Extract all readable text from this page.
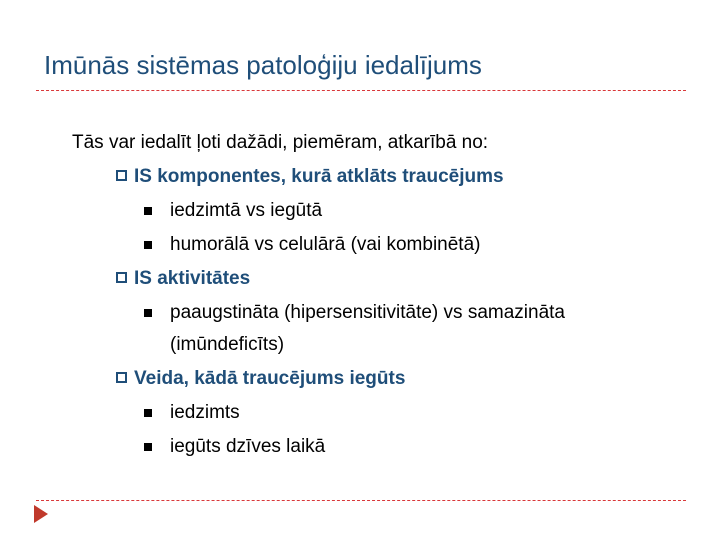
Imūnās sistēmas patoloģiju iedalījums
Tās var iedalīt ļoti dažādi, piemēram, atkarībā no:
IS komponentes, kurā atklāts traucējums
iedzimtā vs iegūtā
humorālā vs celulārā (vai kombinētā)
IS aktivitātes
paaugstināta (hipersensitivitāte) vs samazināta (imūndeficīts)
Veida, kādā traucējums iegūts
iedzimts
iegūts dzīves laikā
